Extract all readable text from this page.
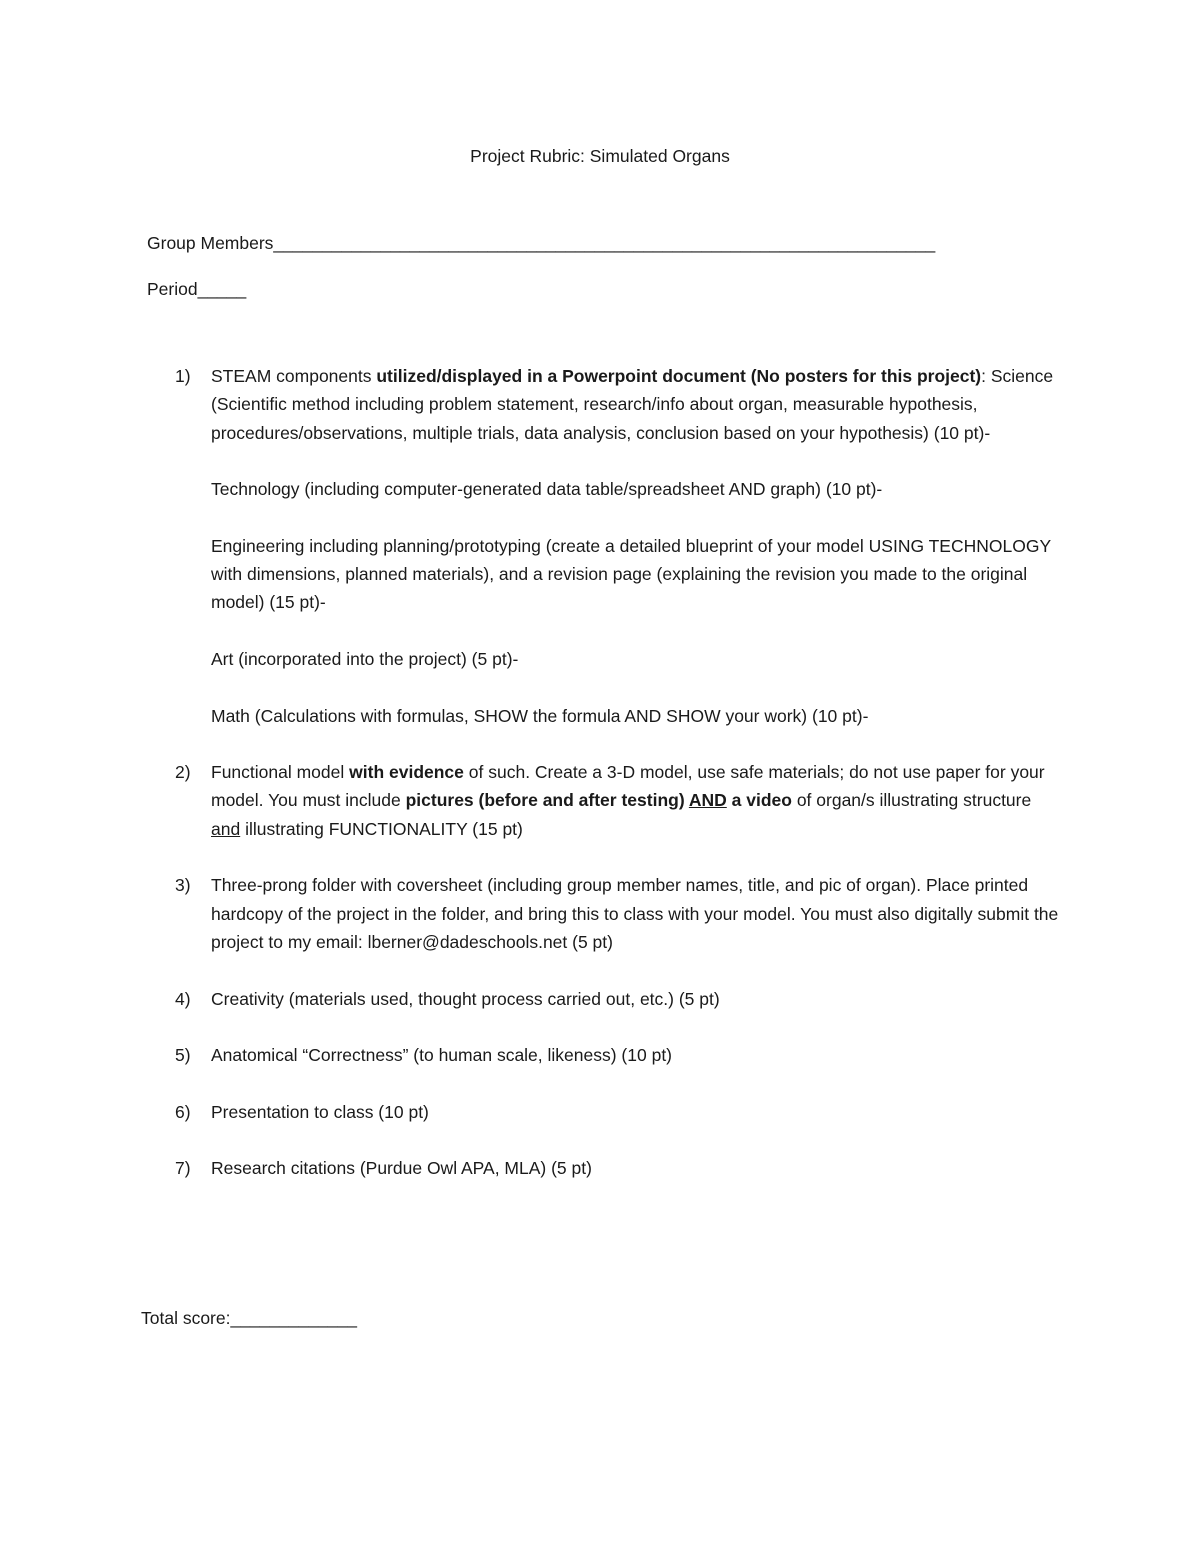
Project Rubric: Simulated Organs
Group Members____________________________________________________________________
Period_____
1) STEAM components utilized/displayed in a Powerpoint document (No posters for this project): Science (Scientific method including problem statement, research/info about organ, measurable hypothesis, procedures/observations, multiple trials, data analysis, conclusion based on your hypothesis) (10 pt)-

Technology (including computer-generated data table/spreadsheet AND graph) (10 pt)-

Engineering including planning/prototyping (create a detailed blueprint of your model USING TECHNOLOGY with dimensions, planned materials), and a revision page (explaining the revision you made to the original model) (15 pt)-

Art (incorporated into the project) (5 pt)-

Math (Calculations with formulas, SHOW the formula AND SHOW your work) (10 pt)-

2) Functional model with evidence of such. Create a 3-D model, use safe materials; do not use paper for your model. You must include pictures (before and after testing) AND a video of organ/s illustrating structure and illustrating FUNCTIONALITY (15 pt)

3) Three-prong folder with coversheet (including group member names, title, and pic of organ). Place printed hardcopy of the project in the folder, and bring this to class with your model. You must also digitally submit the project to my email: lberner@dadeschools.net (5 pt)

4) Creativity (materials used, thought process carried out, etc.) (5 pt)

5) Anatomical “Correctness” (to human scale, likeness) (10 pt)

6) Presentation to class (10 pt)

7) Research citations (Purdue Owl APA, MLA) (5 pt)

Total score:_____________
